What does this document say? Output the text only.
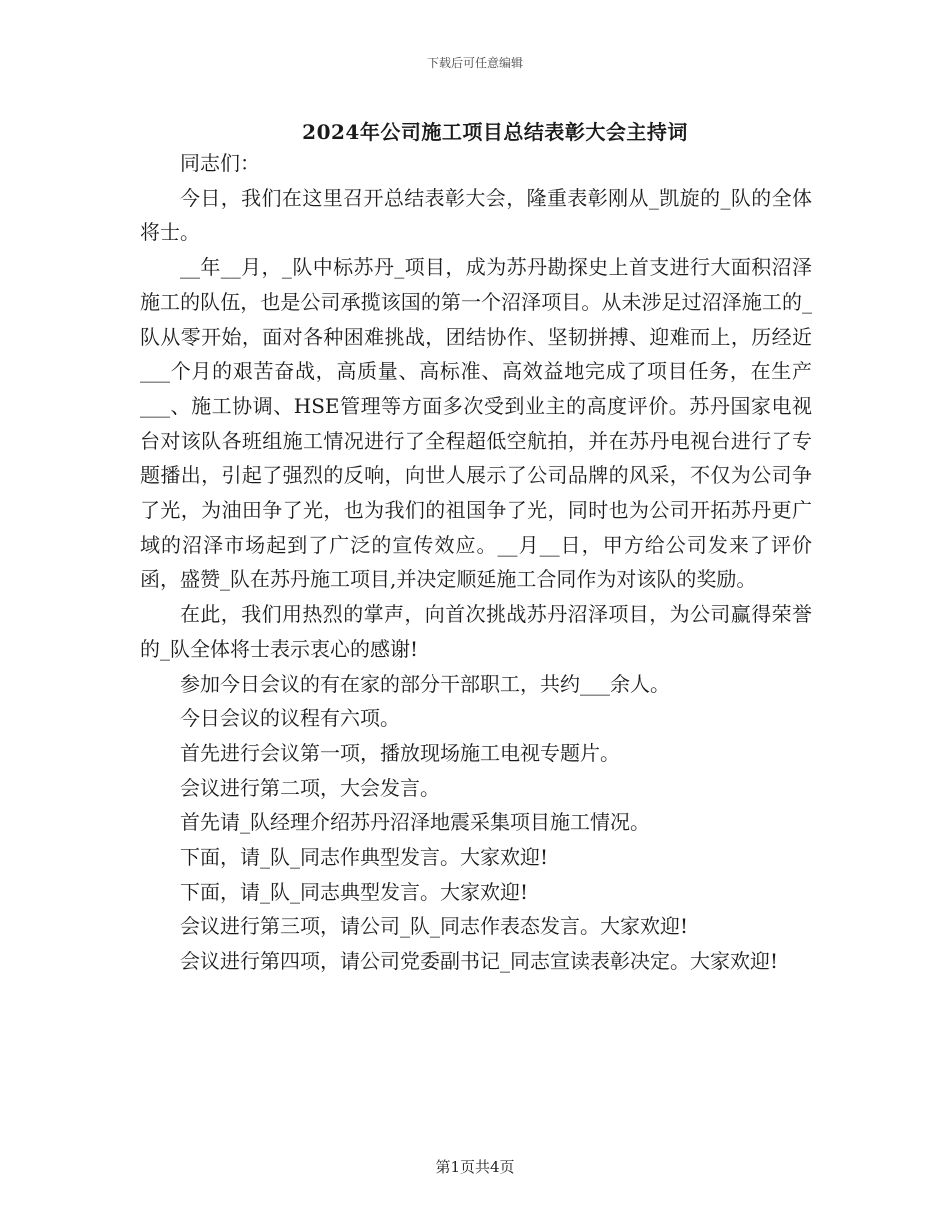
下载后可任意编辑
2024年公司施工项目总结表彰大会主持词

同志们：

今日，我们在这里召开总结表彰大会，隆重表彰刚从_凯旋的_队的全体将士。

__年__月，_队中标苏丹_项目，成为苏丹勘探史上首支进行大面积沼泽施工的队伍，也是公司承揽该国的第一个沼泽项目。从未涉足过沼泽施工的_队从零开始，面对各种困难挑战，团结协作、坚韧拼搏、迎难而上，历经近___个月的艰苦奋战，高质量、高标准、高效益地完成了项目任务，在生产___、施工协调、HSE管理等方面多次受到业主的高度评价。苏丹国家电视台对该队各班组施工情况进行了全程超低空航拍，并在苏丹电视台进行了专题播出，引起了强烈的反响，向世人展示了公司品牌的风采，不仅为公司争了光，为油田争了光，也为我们的祖国争了光，同时也为公司开拓苏丹更广域的沼泽市场起到了广泛的宣传效应。__月__日，甲方给公司发来了评价函，盛赞_队在苏丹施工项目,并决定顺延施工合同作为对该队的奖励。

在此，我们用热烈的掌声，向首次挑战苏丹沼泽项目，为公司赢得荣誉的_队全体将士表示衷心的感谢!

参加今日会议的有在家的部分干部职工，共约___余人。

今日会议的议程有六项。

首先进行会议第一项，播放现场施工电视专题片。

会议进行第二项，大会发言。

首先请_队经理介绍苏丹沼泽地震采集项目施工情况。

下面，请_队_同志作典型发言。大家欢迎!

下面，请_队_同志典型发言。大家欢迎!

会议进行第三项，请公司_队_同志作表态发言。大家欢迎!

会议进行第四项，请公司党委副书记_同志宣读表彰决定。大家欢迎!

第1页共4页
